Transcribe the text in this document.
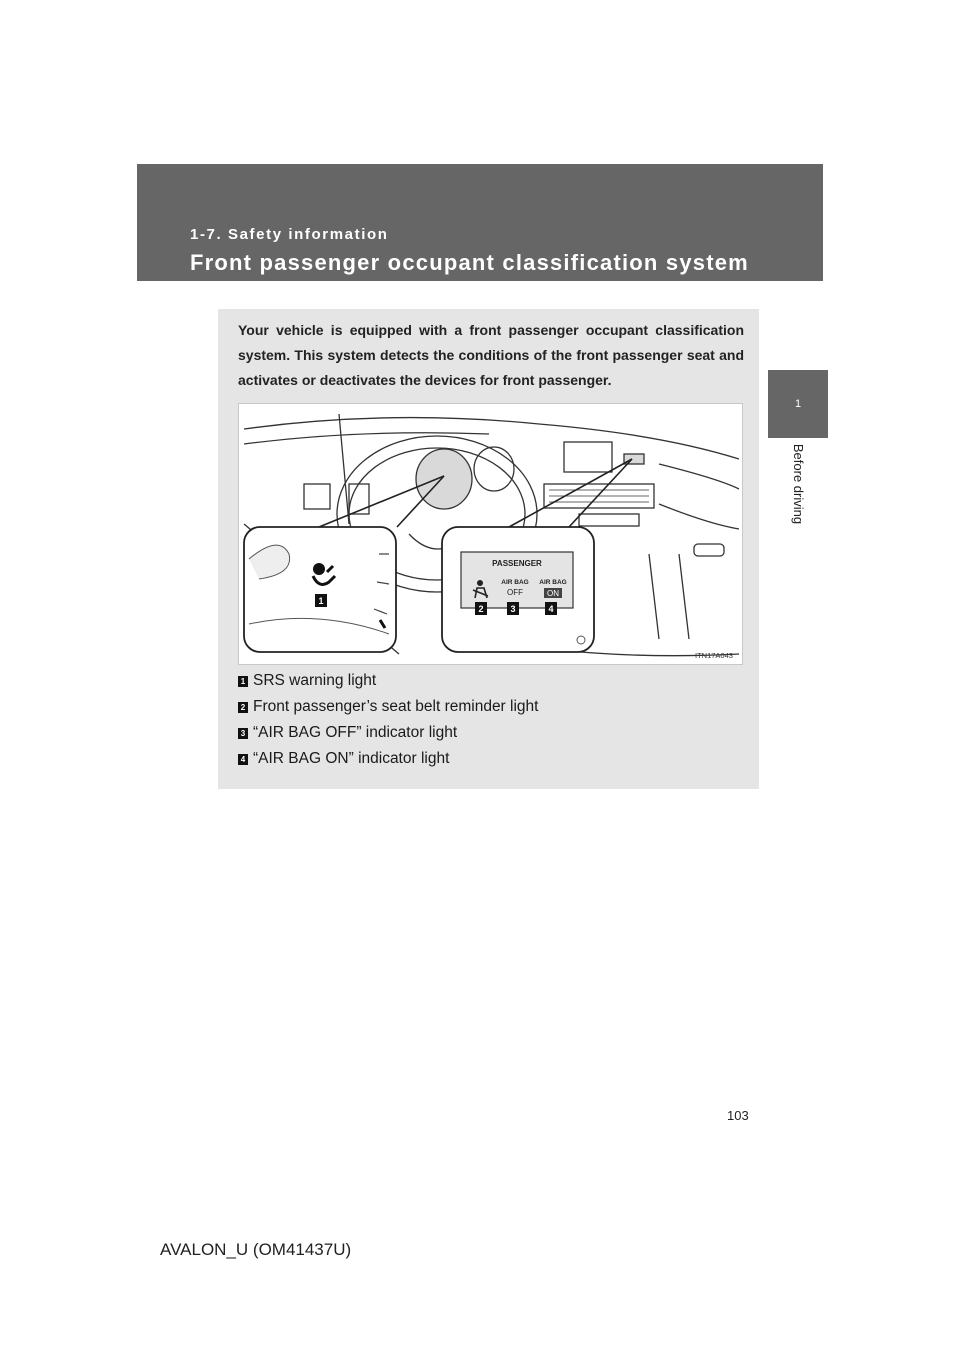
1-7. Safety information
Front passenger occupant classification system
1
Before driving
Your vehicle is equipped with a front passenger occupant classification system. This system detects the conditions of the front passenger seat and activates or deactivates the devices for front passenger.
1
PASSENGER
AIR BAG
OFF
AIR BAG
ON
2	3	4
ITN17A043
1 SRS warning light
2 Front passenger’s seat belt reminder light
3 “AIR BAG OFF” indicator light
4 “AIR BAG ON” indicator light
103
AVALON_U (OM41437U)
